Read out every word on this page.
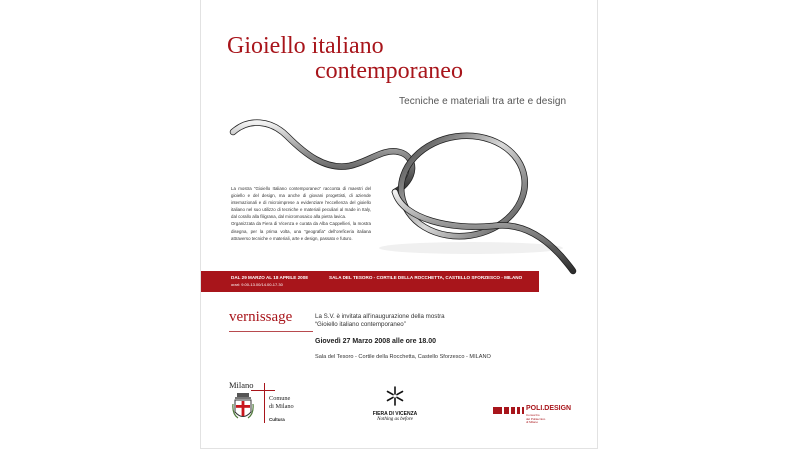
Gioiello italiano
contemporaneo
Tecniche e materiali tra arte e design

La mostra “Gioiello Italiano contemporaneo” racconta di maestri del gioiello e del design, ma anche di giovani progettisti, di aziende internazionali e di microimprese a evidenziare l'eccellenza del gioiello italiano nel suo utilizzo di tecniche e materiali peculiari al made in Italy, dal corallo alla filigrana, dal micromosaico alla pietra lavica.

Organizzata da Fiera di Vicenza e curata da Alba Cappellieri, la mostra disegna, per la prima volta, una “geografia” dell'oreficeria italiana attraverso tecniche e materiali, arte e design, passato e futuro.

DAL 29 MARZO AL 18 APRILE 2008
orari: 9.00-13.00/14.00-17.30
SALA DEL TESORO - CORTILE DELLA ROCCHETTA, CASTELLO SFORZESCO - MILANO
vernissage	La S.V. è invitata all'inaugurazione della mostra
“Gioiello italiano contemporaneo”
Giovedì 27 Marzo 2008 alle ore 18.00
Sala del Tesoro - Cortile della Rocchetta, Castello Sforzesco - MILANO
Milano
Comune
di Milano
Cultura
FIERA DI VICENZA
Nothing as before
POLI.DESIGN
Consorzio
del Politecnico
di Milano
